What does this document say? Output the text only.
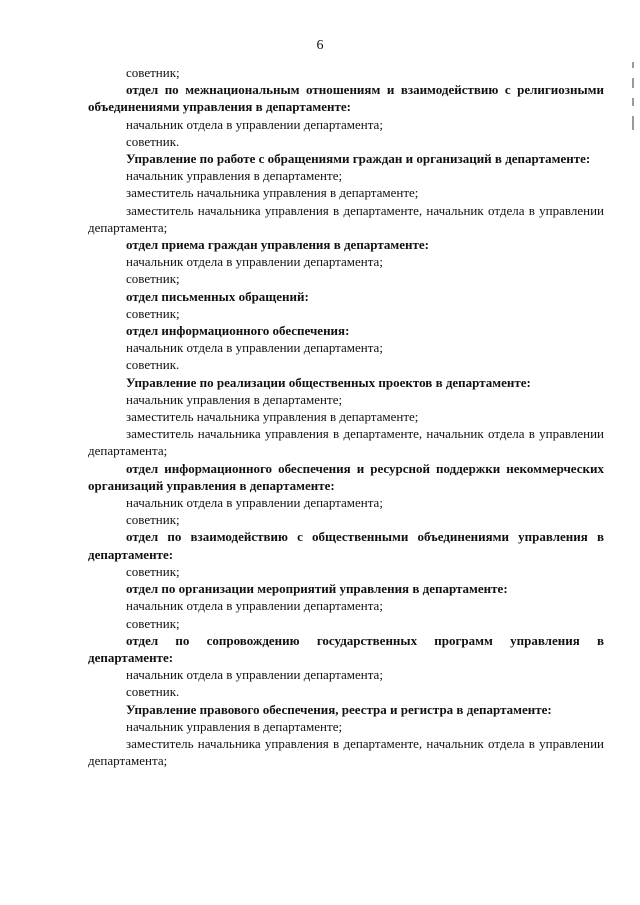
6

советник;

отдел по межнациональным отношениям и взаимодействию с религиозными объединениями управления в департаменте:

начальник отдела в управлении департамента;

советник.

Управление по работе с обращениями граждан и организаций в департаменте:

начальник управления в департаменте;

заместитель начальника управления в департаменте;

заместитель начальника управления в департаменте, начальник отдела в управлении департамента;

отдел приема граждан управления в департаменте:

начальник отдела в управлении департамента;

советник;

отдел письменных обращений:

советник;

отдел информационного обеспечения:

начальник отдела в управлении департамента;

советник.

Управление по реализации общественных проектов в департаменте:

начальник управления в департаменте;

заместитель начальника управления в департаменте;

заместитель начальника управления в департаменте, начальник отдела в управлении департамента;

отдел информационного обеспечения и ресурсной поддержки некоммерческих организаций управления в департаменте:

начальник отдела в управлении департамента;

советник;

отдел по взаимодействию с общественными объединениями управления в департаменте:

советник;

отдел по организации мероприятий управления в департаменте:

начальник отдела в управлении департамента;

советник;

отдел по сопровождению государственных программ управления в департаменте:

начальник отдела в управлении департамента;

советник.

Управление правового обеспечения, реестра и регистра в департаменте:

начальник управления в департаменте;

заместитель начальника управления в департаменте, начальник отдела в управлении департамента;
